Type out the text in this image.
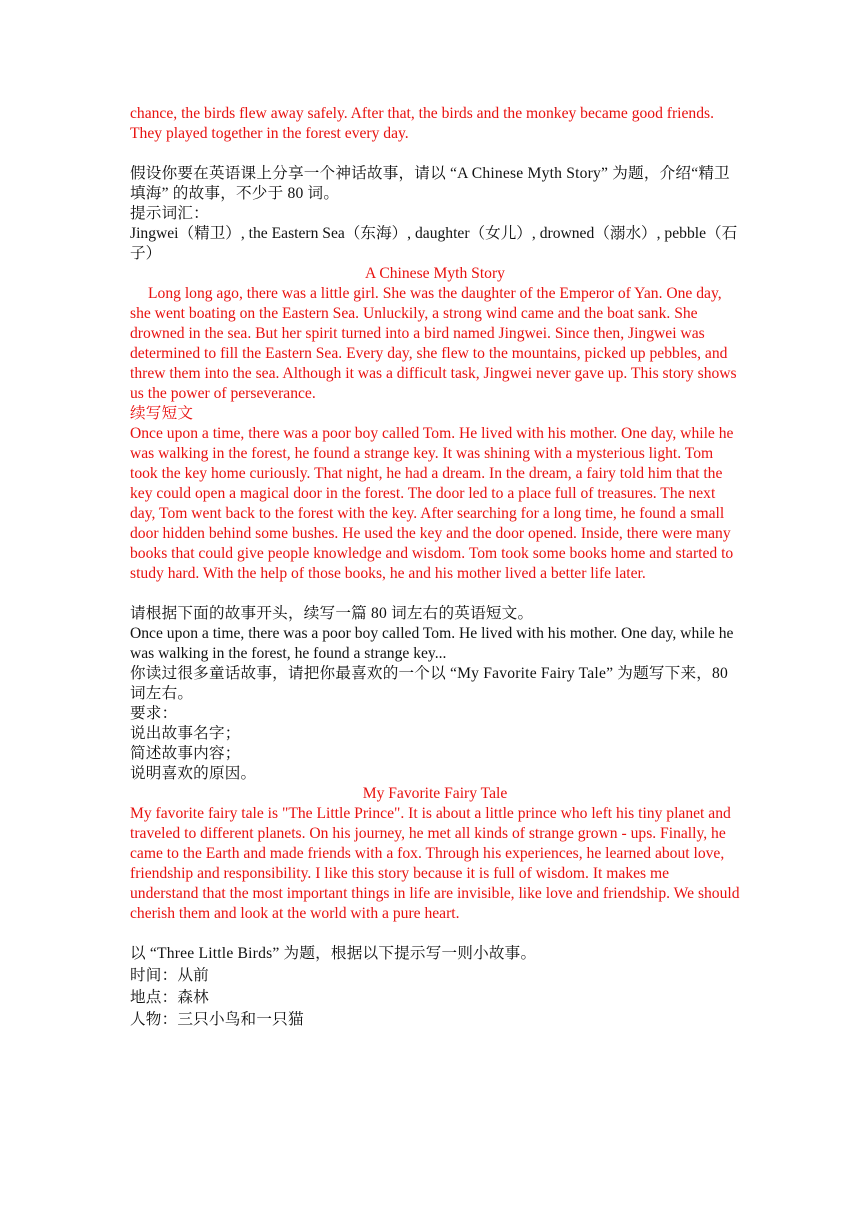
chance, the birds flew away safely. After that, the birds and the monkey became good friends. They played together in the forest every day.

假设你要在英语课上分享一个神话故事，请以 “A Chinese Myth Story” 为题，介绍“精卫填海” 的故事，不少于 80 词。

提示词汇：

Jingwei（精卫）, the Eastern Sea（东海）, daughter（女儿）, drowned（溺水）, pebble（石子）

A Chinese Myth Story

Long long ago, there was a little girl. She was the daughter of the Emperor of Yan. One day, she went boating on the Eastern Sea. Unluckily, a strong wind came and the boat sank. She drowned in the sea. But her spirit turned into a bird named Jingwei. Since then, Jingwei was determined to fill the Eastern Sea. Every day, she flew to the mountains, picked up pebbles, and threw them into the sea. Although it was a difficult task, Jingwei never gave up. This story shows us the power of perseverance.

续写短文

Once upon a time, there was a poor boy called Tom. He lived with his mother. One day, while he was walking in the forest, he found a strange key. It was shining with a mysterious light. Tom took the key home curiously. That night, he had a dream. In the dream, a fairy told him that the key could open a magical door in the forest. The door led to a place full of treasures. The next day, Tom went back to the forest with the key. After searching for a long time, he found a small door hidden behind some bushes. He used the key and the door opened. Inside, there were many books that could give people knowledge and wisdom. Tom took some books home and started to study hard. With the help of those books, he and his mother lived a better life later.

请根据下面的故事开头，续写一篇 80 词左右的英语短文。

Once upon a time, there was a poor boy called Tom. He lived with his mother. One day, while he was walking in the forest, he found a strange key...

你读过很多童话故事，请把你最喜欢的一个以 “My Favorite Fairy Tale” 为题写下来，80 词左右。

要求：

说出故事名字；

简述故事内容；

说明喜欢的原因。

My Favorite Fairy Tale

My favorite fairy tale is "The Little Prince". It is about a little prince who left his tiny planet and traveled to different planets. On his journey, he met all kinds of strange grown - ups. Finally, he came to the Earth and made friends with a fox. Through his experiences, he learned about love, friendship and responsibility. I like this story because it is full of wisdom. It makes me understand that the most important things in life are invisible, like love and friendship. We should cherish them and look at the world with a pure heart.

以 “Three Little Birds” 为题，根据以下提示写一则小故事。

时间：从前

地点：森林

人物：三只小鸟和一只猫
